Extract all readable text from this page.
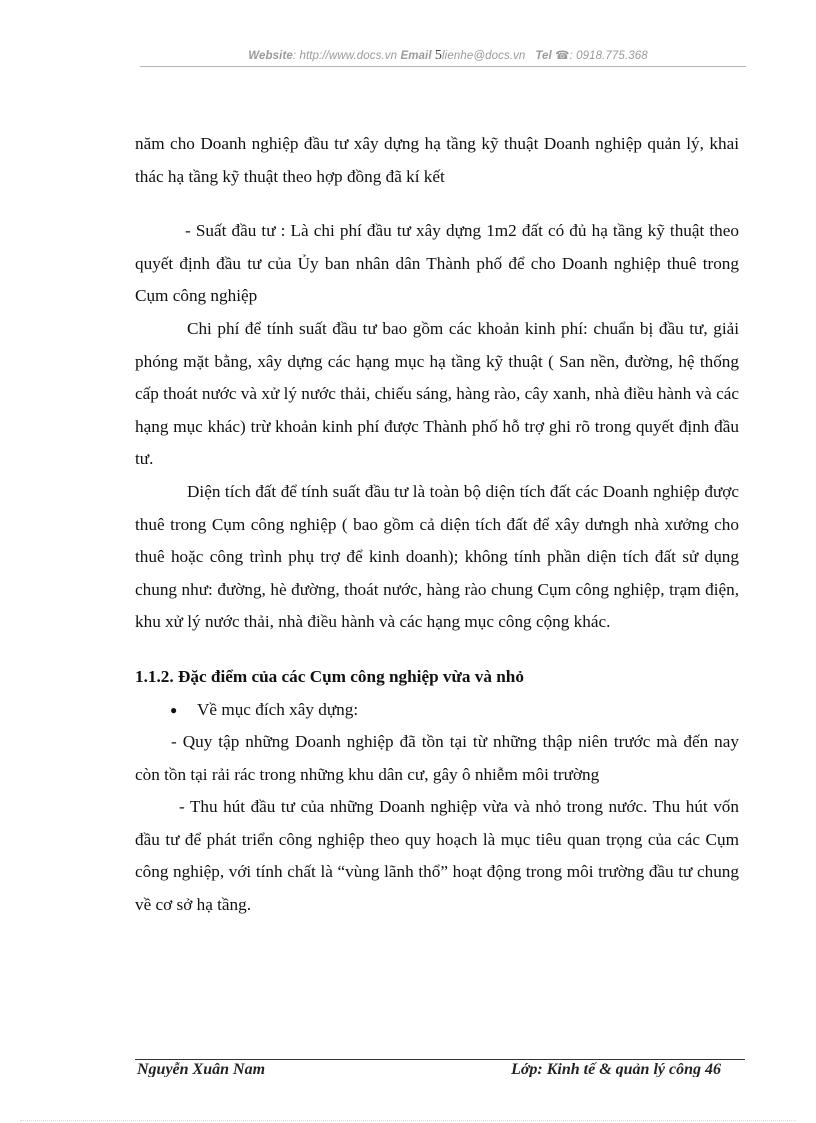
Website: http://www.docs.vn Email 5lienhe@docs.vn Tel ☎: 0918.775.368

năm cho Doanh nghiệp đầu tư xây dựng hạ tầng kỹ thuật Doanh nghiệp quản lý, khai thác hạ tầng kỹ thuật theo hợp đồng đã kí kết

- Suất đầu tư : Là chi phí đầu tư xây dựng 1m2 đất có đủ hạ tầng kỹ thuật theo quyết định đầu tư của Ủy ban nhân dân Thành phố để cho Doanh nghiệp thuê trong Cụm công nghiệp

Chi phí để tính suất đầu tư bao gồm các khoản kinh phí: chuẩn bị đầu tư, giải phóng mặt bằng, xây dựng các hạng mục hạ tầng kỹ thuật ( San nền, đường, hệ thống cấp thoát nước và xử lý nước thải, chiếu sáng, hàng rào, cây xanh, nhà điều hành và các hạng mục khác) trừ khoản kinh phí được Thành phố hỗ trợ ghi rõ trong quyết định đầu tư.

Diện tích đất để tính suất đầu tư là toàn bộ diện tích đất các Doanh nghiệp được thuê trong Cụm công nghiệp ( bao gồm cả diện tích đất để xây dưngh nhà xưởng cho thuê hoặc công trình phụ trợ để kinh doanh); không tính phần diện tích đất sử dụng chung như: đường, hè đường, thoát nước, hàng rào chung Cụm công nghiệp, trạm điện, khu xử lý nước thải, nhà điều hành và các hạng mục công cộng khác.

1.1.2. Đặc điểm của các Cụm công nghiệp vừa và nhỏ

● Về mục đích xây dựng:

- Quy tập những Doanh nghiệp đã tồn tại từ những thập niên trước mà đến nay còn tồn tại rải rác trong những khu dân cư, gây ô nhiễm môi trường

- Thu hút đầu tư của những Doanh nghiệp vừa và nhỏ trong nước. Thu hút vốn đầu tư để phát triển công nghiệp theo quy hoạch là mục tiêu quan trọng của các Cụm công nghiệp, với tính chất là “vùng lãnh thổ” hoạt động trong môi trường đầu tư chung về cơ sở hạ tầng.

Nguyễn Xuân Nam	Lớp: Kinh tế & quản lý công 46
